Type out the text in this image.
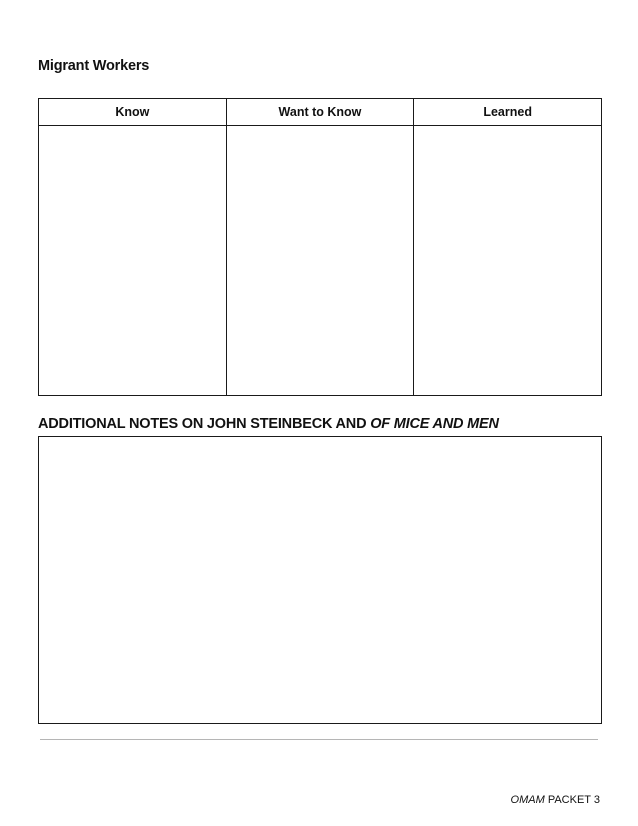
Migrant Workers
Know	Want to Know	Learned

ADDITIONAL NOTES ON JOHN STEINBECK AND OF MICE AND MEN
OMAM PACKET 3
